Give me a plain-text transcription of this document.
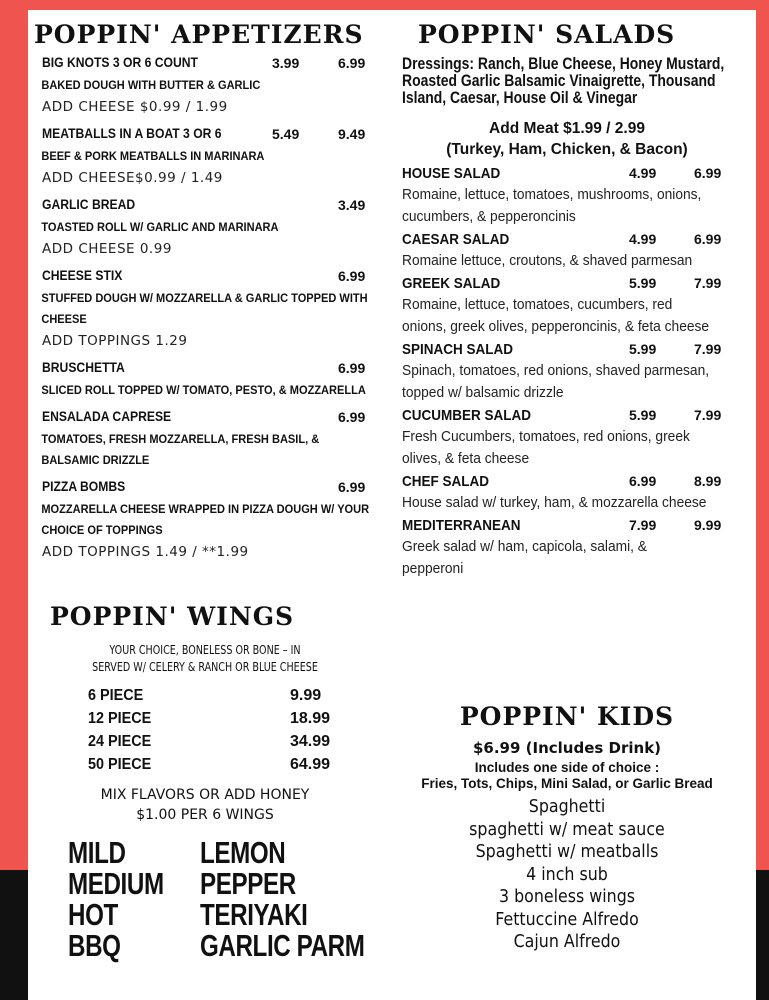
POPPIN' APPETIZERS
BIG KNOTS 3 OR 6 COUNT	3.99	6.99
BAKED DOUGH WITH BUTTER & GARLIC
ADD CHEESE $0.99 / 1.99
MEATBALLS IN A BOAT 3 OR 6	5.49	9.49
BEEF & PORK MEATBALLS IN MARINARA
ADD CHEESE$0.99 / 1.49
GARLIC BREAD	3.49
TOASTED ROLL W/ GARLIC AND MARINARA
ADD CHEESE 0.99
CHEESE STIX	6.99
STUFFED DOUGH W/ MOZZARELLA & GARLIC TOPPED WITH CHEESE
ADD TOPPINGS 1.29
BRUSCHETTA	6.99
SLICED ROLL TOPPED W/ TOMATO, PESTO, & MOZZARELLA
ENSALADA CAPRESE	6.99
TOMATOES, FRESH MOZZARELLA, FRESH BASIL, & BALSAMIC DRIZZLE
PIZZA BOMBS	6.99
MOZZARELLA CHEESE WRAPPED IN PIZZA DOUGH W/ YOUR CHOICE OF TOPPINGS
ADD TOPPINGS 1.49 / **1.99
POPPIN' WINGS
YOUR CHOICE, BONELESS OR BONE – IN
SERVED W/ CELERY & RANCH OR BLUE CHEESE
6 PIECE	9.99
12 PIECE	18.99
24 PIECE	34.99
50 PIECE	64.99
MIX FLAVORS OR ADD HONEY
$1.00 PER 6 WINGS
MILD
MEDIUM
HOT
BBQ
LEMON
PEPPER
TERIYAKI
GARLIC PARM
POPPIN' SALADS
Dressings: Ranch, Blue Cheese, Honey Mustard, Roasted Garlic Balsamic Vinaigrette, Thousand Island, Caesar, House Oil & Vinegar
Add Meat $1.99 / 2.99
(Turkey, Ham, Chicken, & Bacon)
HOUSE SALAD	4.99	6.99
Romaine, lettuce, tomatoes, mushrooms, onions, cucumbers, & pepperoncinis
CAESAR SALAD	4.99	6.99
Romaine lettuce, croutons, & shaved parmesan
GREEK SALAD	5.99	7.99
Romaine, lettuce, tomatoes, cucumbers, red onions, greek olives, pepperoncinis, & feta cheese
SPINACH SALAD	5.99	7.99
Spinach, tomatoes, red onions, shaved parmesan, topped w/ balsamic drizzle
CUCUMBER SALAD	5.99	7.99
Fresh Cucumbers, tomatoes, red onions, greek olives, & feta cheese
CHEF SALAD	6.99	8.99
House salad w/ turkey, ham, & mozzarella cheese
MEDITERRANEAN	7.99	9.99
Greek salad w/ ham, capicola, salami, & pepperoni
POPPIN' KIDS
$6.99 (Includes Drink)
Includes one side of choice :
Fries, Tots, Chips, Mini Salad, or Garlic Bread
Spaghetti
spaghetti w/ meat sauce
Spaghetti w/ meatballs
4 inch sub
3 boneless wings
Fettuccine Alfredo
Cajun Alfredo
